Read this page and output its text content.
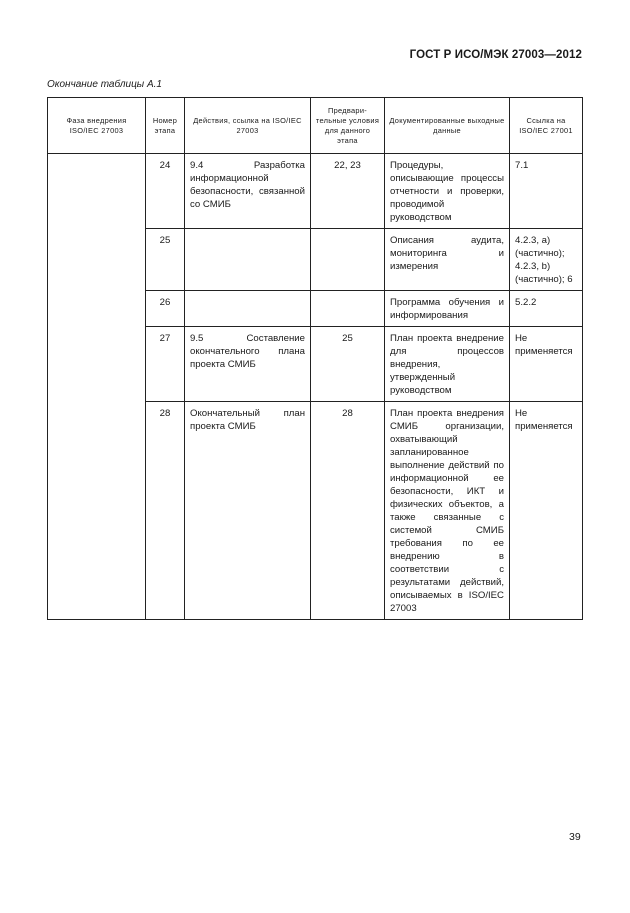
ГОСТ Р ИСО/МЭК 27003—2012
Окончание таблицы А.1
Фаза внедрения ISO/IEC 27003	Номер этапа	Действия, ссылка на ISO/IEC 27003	Предвари-тельные условия для данного этапа	Документированные выходные данные	Ссылка на ISO/IEC 27001
	24	9.4 Разработка информационной безопасности, связанной со СМИБ	22, 23	Процедуры, описывающие процессы отчетности и проверки, проводимой руководством	7.1
	25			Описания аудита, мониторинга и измерения	4.2.3, a) (частично); 4.2.3, b) (частично); 6
	26			Программа обучения и информирования	5.2.2
	27	9.5 Составление окончательного плана проекта СМИБ	25	План проекта внедрение для процессов внедрения, утвержденный руководством	Не применяется
	28	Окончательный план проекта СМИБ	28	План проекта внедрения СМИБ организации, охватывающий запланированное выполнение действий по информационной ее безопасности, ИКТ и физических объектов, а также связанные с системой СМИБ требования по ее внедрению в соответствии с результатами действий, описываемых в ISO/IEC 27003	Не применяется
39
